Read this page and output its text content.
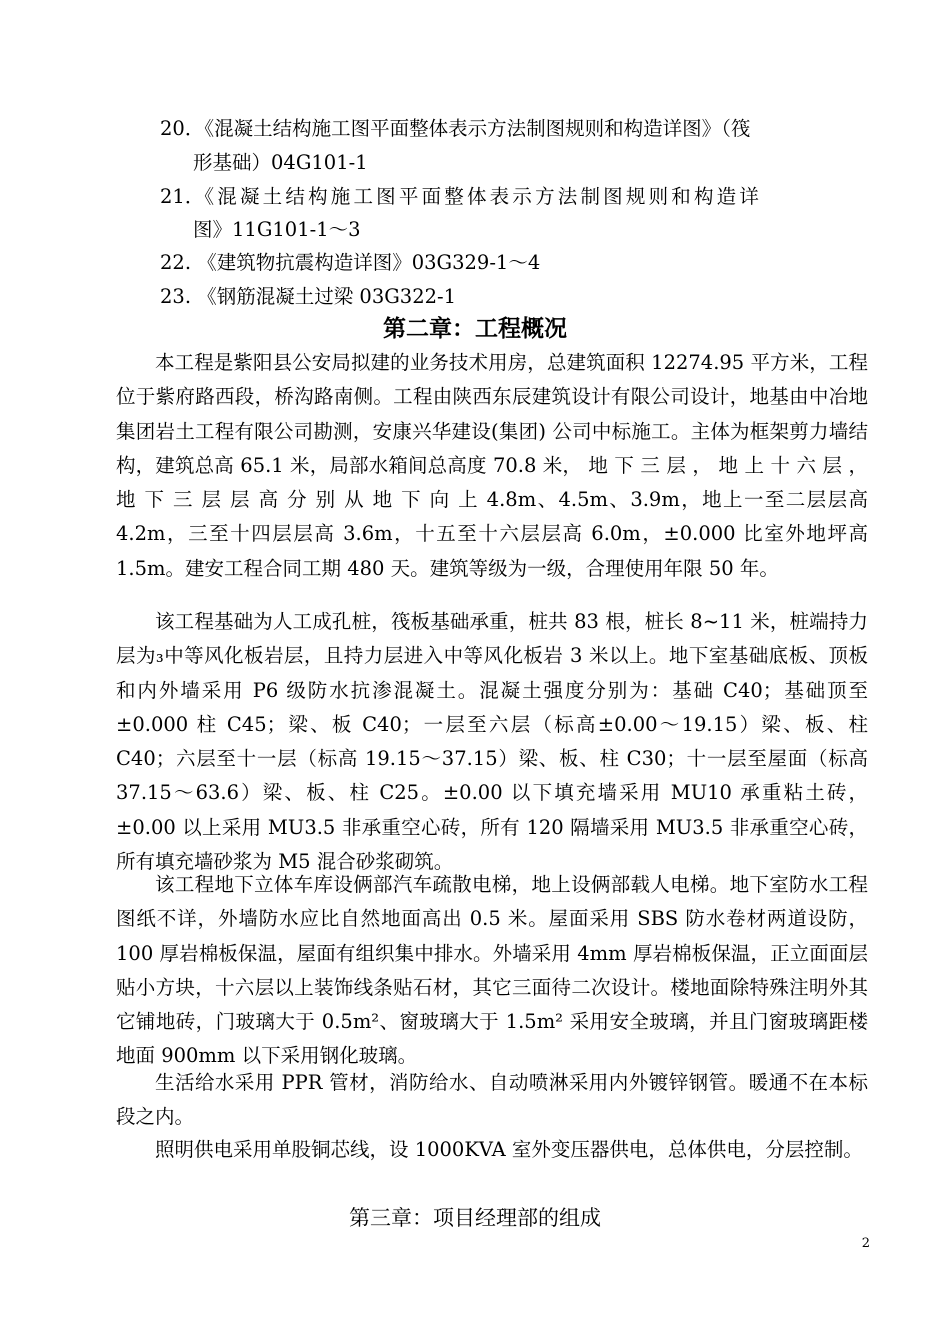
20．《混凝土结构施工图平面整体表示方法制图规则和构造详图》（筏
形基础）04G101-1
21．《混凝土结构施工图平面整体表示方法制图规则和构造详
图》11G101-1～3
22. 《建筑物抗震构造详图》03G329-1～4
23. 《钢筋混凝土过梁 03G322-1
第二章：工程概况
本工程是紫阳县公安局拟建的业务技术用房，总建筑面积 12274.95 平方米，工程位于紫府路西段，桥沟路南侧。工程由陕西东辰建筑设计有限公司设计，地基由中冶地集团岩土工程有限公司勘测，安康兴华建设(集团) 公司中标施工。主体为框架剪力墙结构，建筑总高 65.1 米，局部水箱间总高度 70.8 米， 地 下 三 层 ， 地 上 十 六 层 ， 地 下 三 层 层 高 分 别 从 地 下 向 上 4.8m、4.5m、3.9m，地上一至二层层高 4.2m，三至十四层层高 3.6m，十五至十六层层高 6.0m，±0.000 比室外地坪高 1.5m。建安工程合同工期 480 天。建筑等级为一级，合理使用年限 50 年。
该工程基础为人工成孔桩，筏板基础承重，桩共 83 根，桩长 8~11 米，桩端持力层为₃中等风化板岩层，且持力层进入中等风化板岩 3 米以上。地下室基础底板、顶板和内外墙采用 P6 级防水抗渗混凝土。混凝土强度分别为：基础 C40；基础顶至±0.000 柱 C45；梁、板 C40；一层至六层（标高±0.00～19.15）梁、板、柱 C40；六层至十一层（标高 19.15～37.15）梁、板、柱 C30；十一层至屋面（标高 37.15～63.6）梁、板、柱 C25。±0.00 以下填充墙采用 MU10 承重粘土砖， ±0.00 以上采用 MU3.5 非承重空心砖，所有 120 隔墙采用 MU3.5 非承重空心砖，所有填充墙砂浆为 M5 混合砂浆砌筑。
该工程地下立体车库设俩部汽车疏散电梯，地上设俩部载人电梯。地下室防水工程图纸不详，外墙防水应比自然地面高出 0.5 米。屋面采用 SBS 防水卷材两道设防，100 厚岩棉板保温，屋面有组织集中排水。外墙采用 4mm 厚岩棉板保温，正立面面层贴小方块，十六层以上装饰线条贴石材，其它三面待二次设计。楼地面除特殊注明外其它铺地砖，门玻璃大于 0.5m²、窗玻璃大于 1.5m² 采用安全玻璃，并且门窗玻璃距楼地面 900mm 以下采用钢化玻璃。
生活给水采用 PPR 管材，消防给水、自动喷淋采用内外镀锌钢管。暖通不在本标段之内。
照明供电采用单股铜芯线，设 1000KVA 室外变压器供电，总体供电，分层控制。
第三章：项目经理部的组成
2
